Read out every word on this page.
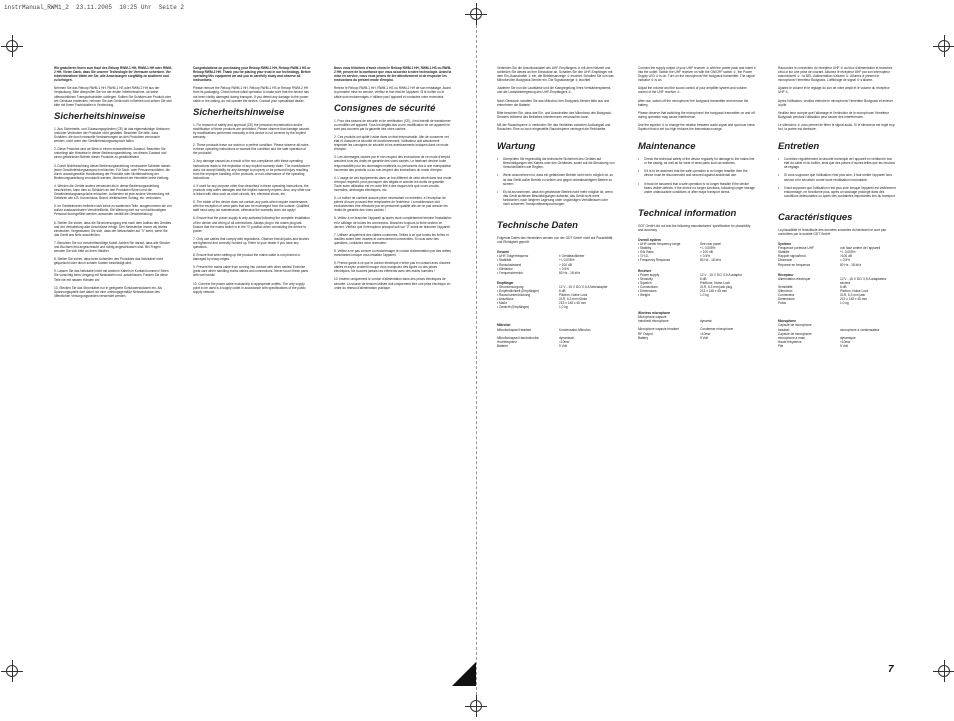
instrManual_RWM1_2  23.11.2005  10:25 Uhr  Seite 2

Wir gratulieren Ihnen zum Kauf des Reloop RWM-1 HH, RWM-1 HH oder RWM-2 HH. Vielen Dank, dass Sie unserer Technologie Ihr Vertrauen schenken. Vor Inbetriebnahme bitten wir Sie, alle Anweisungen sorgfältig zu studieren und zu befolgen.

Nehmen Sie das Reloop RWM-1 HH, RWM-1 HS oder RWM-2 HH aus der Verpackung. Bitte überprüfen Sie vor der ersten Inbetriebnahme, ob keine offensichtlichen Transportschäden vorliegen. Sollten Sie Schäden am Produkt oder am Gehäuse entdecken, nehmen Sie das Gerät nicht in Betrieb und setzen Sie sich bitte mit Ihrem Fachhändler in Verbindung.

Sicherheitshinweise

1. Aus Sicherheits- und Zulassungsgründen (CE) ist das eigenmächtige Umbauen und/oder Verändern der Produkte nicht gestattet. Beachten Sie bitte, dass Schäden, die durch manuelle Veränderungen an den Produkten verursacht werden, nicht unter den Gewährleistungsanspruch fallen.

2. Diese Produkte sind ab Werk in einem einwandfreien Zustand. Beachten Sie unbedingt alle Hinweise in dieser Bedienungsanleitung, um diesen Zustand und einen gefahrlosen Betrieb dieser Produkte zu gewährleisten!

3. Durch Nichtbeachtung dieser Bedienungsanleitung verursachte Schäden lassen jeden Gewährleistungsanspruch erlöschen. Für Sach- oder Personenschäden, die durch unsachgemäße Handhabung der Produkte oder Nichtbeachtung der Bedienungsanleitung verursacht werden, übernimmt der Hersteller keine Haftung.

4. Werden die Geräte anders verwendet als in dieser Bedienungsanleitung beschrieben, kann dies zu Schäden an den Produkten führen und die Gewährleistungsansprüche erlöschen. Außerdem ist jede andere Verwendung mit Gefahren wie z.B. Kurzschluss, Brand, elektrischem Schlag, etc. verbunden.

5. Im Geräteinneren befinden sich keine zu wartenden Teile, ausgenommen die von außen austauschbaren Verschleißteile. Die Wartung darf nur von fachkundigem Personal durchgeführt werden, ansonsten verfällt die Gewährleistung!

6. Stellen Sie sicher, dass die Stromversorgung erst nach dem Aufbau des Gerätes und der Verkabelung aller Anschlüsse erfolgt. Den Netzstecker immer als letztes einstecken. Vergewissern Sie sich, dass der Netzschalter auf "0" steht, wenn Sie das Gerät ans Netz anschließen.

7. Benutzen Sie nur vorschriftsmäßige Kabel. Achten Sie darauf, dass alle Stecker und Buchsen fest angeschraubt und richtig angeschlossen sind. Bei Fragen wenden Sie sich bitte an Ihren Händler.

8. Stellen Sie sicher, dass beim Aufstellen des Produktes das Netzkabel nicht gequetscht oder durch scharfe Kanten beschädigt wird.

9. Lassen Sie das Netzkabel nicht mit anderen Kabeln in Kontakt kommen! Seien Sie vorsichtig beim Umgang mit Netzkabeln und -anschlüssen. Fassen Sie diese Teile nie mit nassen Händen an!

10. Stecken Sie das Stromkabel nur in geeignete Schukosteckdosen ein. Als Spannungsquelle darf dabei nur eine ordnungsgemäße Netzsteckdose des öffentlichen Versorgungsnetzes verwendet werden.

Congratulations on purchasing your Reloop RWM-1 HH, Reloop RWM-1 HS or Reloop RWM-2 HH. Thank you for placing your trust in our technology. Before operating this equipment we ask you to carefully study and observe all instructions.

Please remove the Reloop RWM-1 HH, Reloop RWM-1 HS or Reloop RWM-2 HH from its packaging. Check before initial operation to make sure that the device has not been visibly damaged during transport. If you detect any damage to the power cable or the casing, do not operate the device. Contact your specialised dealer.

Sicherheitshinweise

1. For reasons of safety and approval (CE) the personal reconstruction and/or modification of these products are prohibited. Please observe that damage caused by modifications performed manually to this device is not covered by the implied warranty.

2. These products leave our works in a perfect condition. Please observe all notes in these operating instructions to warrant this condition and the safe operation of the products!

3. Any damage caused as a result of the non-compliance with these operating instructions leads to the expiration of any implied warranty claim. The manufacturer does not accept liability for any damage to property or for personal injury resulting from the improper handling of the products, or non-observance of the operating instructions.

4. If used for any purpose other than described in these operating instructions, the products may suffer damages and the implied warranty expires. Also, any other use is linked with risks such as short circuits, fire, electrical shock, etc.

5. The inside of the device does not contain any parts which require maintenance, with the exception of wear parts that can be exchanged from the outside. Qualified staff must carry out maintenance, otherwise the warranty does not apply!

6. Ensure that the power supply is only activated following the complete installation of the device and wiring of all connections. Always plug in the mains plug last. Ensure that the mains switch is in the "0" position when connecting the device to power.

7. Only use cables that comply with regulations. Observe that all jacks and bushes are tightened and correctly hooked up. Refer to your dealer if you have any questions.

8. Ensure that when setting up the product the mains cable is not pinched or damaged by sharp edges.

9. Prevent the mains cable from coming into contact with other cables! Exercise great care when handling mains cables and connections. Never touch these parts with wet hands!

10. Connect the power cable exclusively to appropriate outlets. The only supply point to be used is a supply outlet in accordance with specifications of the public supply network.

Nous vous félicitons d'avoir choisi le Reloop RWM-1 HH, RWM-1 HS ou RWM-2 HH, preuve de la confiance que vous accordez à notre technologie. Avant la mise en service, nous vous prions de lire attentivement et de respecter les instructions du présent mode d'emploi.

Retirez le Reloop RWM-1 HH, RWM-1 HS ou RWM-2 HH de son emballage. Avant la première mise en service, vérifiez le bon état de l'appareil. Si le boîtier ou le câble sont endommagés, n'utilisez pas l'appareil et contactez votre revendeur.

Consignes de sécurité

1. Pour des raisons de sécurité et de certification (CE), il est interdit de transformer ou modifier cet appareil. Tous les dégâts dus à une modification de cet appareil ne sont pas couverts par la garantie des vices cachés.

2. Ces produits ont quitté l'usine dans un état irréprochable. Afin de conserver cet état et d'assurer la sécurité de fonctionnement, l'utilisateur doit absolument respecter les consignes de sécurité et les avertissements indiqués dans ce mode d'emploi.

3. Les dommages causés par le non-respect des instructions de ce mode d'emploi annulent tous les droits de garantie des vices cachés. Le fabricant décline toute responsabilité pour les dommages matériels ou personnels dus à une manipulation incorrecte des produits ou au non-respect des instructions du mode d'emploi.

4. L'usage de ces équipements dans un but différent de celui décrit dans leur mode d'emploi respectif, peut provoquer des dégâts et annuler les droits de garantie. Toute autre utilisation est en outre liée à des risques tels que court-circuits, incendies, décharges électriques, etc.

5. Le boîtier ne contient aucune pièce nécessitant un entretien, à l'exception de pièces d'usure pouvant être remplacées de l'extérieur. La maintenance doit exclusivement être effectuée par un personnel qualifié afin de ne pas annuler les droits de garantie des vices cachés !

6. Veillez à ne brancher l'appareil qu'après avoir complètement terminé l'installation et le câblage de toutes les connexions. Branchez toujours la fiche secteur en dernier. Vérifiez que l'interrupteur principal soit sur "0" avant de brancher l'appareil.

7. Utilisez uniquement des câbles conformes. Veillez à ce que toutes les fiches et douilles soient bien vissées et correctement connectées. Si vous avez des questions, contactez votre revendeur.

8. Veillez à ne pas coincer ou endommager le cordon d'alimentation par des arêtes tranchantes lorsque vous installez l'appareil.

9. Prenez garde à ce que le cordon électrique n'entre pas en contact avec d'autres câbles et soyez prudent lorsque vous manipulez des lignes ou des prises électriques. Ne touchez jamais ces éléments avec des mains humides !

10. Insérez uniquement le cordon d'alimentation dans des prises électriques de sécurité. La source de tension utilisée doit uniquement être une prise électrique en ordre du réseau d'alimentation publique.

2

Verbinden Sie die Anschlusskabel des UHF-Empfängers ⑩ mit dem Netzteil und schließen Sie dieses an Ihre Steckdose an. Schalten Sie den UHF-Empfänger mit dem Ein-/Ausschalter ① ein, die Betriebsanzeige ② leuchtet. Schalten Sie nun das Mikrofon/den Bodypack-Sender ein. Die Signalanzeige ⑤ leuchtet.

Justieren Sie nun die Lautstärke und die Klangregelung Ihres Verstärkersystems und die Lautstärkeregelung des UHF-Empfängers ④.

Nach Gebrauch schalten Sie das Mikrofon/ den Bodypack-Sender bitte aus und entnehmen die Batterie.

Bitte beachten Sie, dass das Ein- und Ausschalten des Mikrofons/ des Bodypack-Senders während des Betriebes Interferenzen verursachen kann.

Mit der Rauschsperre ⑨ verändern Sie das Verhältnis zwischen Audiosignal und Rauschen. Eine zu hoch eingestellte Rauschsperre verringert die Reichweite.

Wartung

• Überprüfen Sie regelmäßig die technische Sicherheit des Gerätes auf Beschädigungen des Kabels oder des Gehäuses, sowie auf die Abnutzung von Verschleißteilen wie Reglern.

• Wenn anzunehmen ist, dass ein gefahrloser Betrieb nicht mehr möglich ist, so ist das Gerät außer Betrieb zu setzen und gegen unbeabsichtigten Betrieb zu sichern.

• Es ist anzunehmen, dass ein gefahrloser Betrieb nicht mehr möglich ist, wenn das Gerät sichtbare Beschädigungen aufweist, das Gerät nicht mehr funktioniert, nach längerer Lagerung unter ungünstigen Verhältnissen oder nach schweren Transportbeanspruchungen.

Technische Daten

Folgende Daten des Herstellers werden von der GDT GmbH nicht auf Plausibilität und Richtigkeit geprüft.

Gesamt
• UHF-Trägerfrequenz	± Geräteaufkleber
• Stabilität	+/- 0,005%
• Rauschabstand	> 100 dB
• Klirrfaktor	< 0,5%
• Frequenzbereich	80 Hz - 18 kHz
Empfänger
• Stromversorgung	12 V - 15 V DC/ 0,5 A Netzadapter
• Empfindlichkeit (Empfänger)	6 dB
• Rauschunterdrückung	Pilotton, Noise Lock
• Anschluss	XLR, 6,3 mm Klinke
• Maße	213 x 148 x 45 mm
• Gewicht (Empfänger)	1,0 kg
Mikrofon
Mikrofonkapsel Headset	Kondensator-Mikrofon
Mikrofonkapsel Handmikrofon	dynamisch
Hochfrequenz	<10mw
Batterie	9 Volt

Connect the supply output of your UHF receiver ⑩ with the power pack and insert it into the outlet. Switch the UHF receiver on with the ON/OFF switch ①, the Power Supply LED ② is on. Turn on the microphone/ the bodypack transmitter. The signal indicator ⑤ is on.

Adjust the volume and the sound control of your amplifier system and volume control of the UHF receiver ④.

After use, switch off the microphone/ the bodypack transmitter and remove the battery.

Please observe that switching the microphone/ the bodypack transmitter on and off during operation may cause interference.

Use the squelch ⑨ to change the relation between audio signal and spurious noise. Squelch that is set too high reduces the transmission range.

Maintenance

• Check the technical safety of the device regularly for damage to the mains line or the casing, as well as for wear of wear parts such as switches.

• If it is to be assumed that the safe operation is no longer feasible then the device must be disconnected and secured against accidental use.

• It must be assumed that a safe operation is no longer feasible if the device bears visible defects, if the device no longer functions, following longer storage under unfavourable conditions or after major transport stress.

Technical information

GDT GmbH did not test the following manufacturers' specification for plausibility and accuracy.

Overall system
• UHF carrier frequency range	See rear panel
• Stability	+/- 0.005%
• S/N Ratio	> 100 dB
• T.H.D.	< 0.5%
• Frequency Response	80 Hz - 18 kHz
Receiver
• Power supply	12 V - 15 V DC/ 0.5 A adaptor
• Sensivity	6 dB
• Squelch	Pilottone, Noise Lock
• Connections	XLR, 6.3 mm jack plug
• Dimensions	213 x 148 x 45 mm
• Weight	1.0 kg
Wireless microphone
Microphone capsule
handheld microphone	dynamic
Microphone capsule headset	Condenser microphone
RF Output	<10mw
Battery	9 Volt

Raccordez le connecteur du récepteur UHF ⑩ au bloc d'alimentation et branchez celui-ci sur une prise de courant. Allumez le récepteur UHF par son interrupteur marche/arrêt ① : la DEL d'alimentation s'allume ②. Allumez à présent le microphone/ l'émetteur Bodypack. L'affichage de signal ⑤ s'allume.

Ajustez le volume et le réglage du son de votre ampli et le volume du récepteur UHF ④.

Après l'utilisation, veuillez éteindre le microphone/ l'émetteur Bodypack et enlever la pile.

Veuillez tenir compte que l'allumage et l'extinction de le microphone/ l'émetteur Bodypack pendant l'utilisation peut causer des interférences.

Le silencieux ⑨ vous permet de filtrer le signal audio. Si le silencieux est réglé trop fort, la portée est diminuée.

Entretien

• Contrôlez régulièrement la sécurité technique de l'appareil en vérifiant le bon état du câble et du boîtier, ainsi que des pièces d'usures telles que les boutons de réglage.

• Si vous supposez que l'utilisation n'est plus sûre, il faut mettre l'appareil hors service et le sécuriser contre toute réutilisation involontaire.

• Il faut supposer que l'utilisation n'est plus sûre lorsque l'appareil est visiblement endommagé, ne fonctionne plus, après un stockage prolongé dans des conditions défavorables ou après des contraintes importantes lors du transport.

Caractéristiques

La plausibilité et l'exactitude des données suivantes du fabricant ne sont pas contrôlées par la société GDT GmbH.

Système
Fréquence porteuse UHF	voir face arrière de l'appareil
Stabilité	+/- 0,005%
Rapport signal/bruit	>100 dB
Distorsion	< 0,5%
Réponse en fréquence	80 Hz - 18 kHz
Récepteur
Alimentation électrique	12 V - 15 V DC/ 0,5 A adaptateur secteur
Sensibilité	6 dB
Silencieux	Pilotton, Noise Lock
Connecteur	XLR, 6,3 mm jack
Dimensions	213 x 148 x 45 mm
Poids	1,0 kg
Microphone
Capsule de microphone
headset	microphone à condensateur
Capsule de microphone
microphone à main	dynamique
Haute fréquence	<10mw
Pile	9 Volt
7
